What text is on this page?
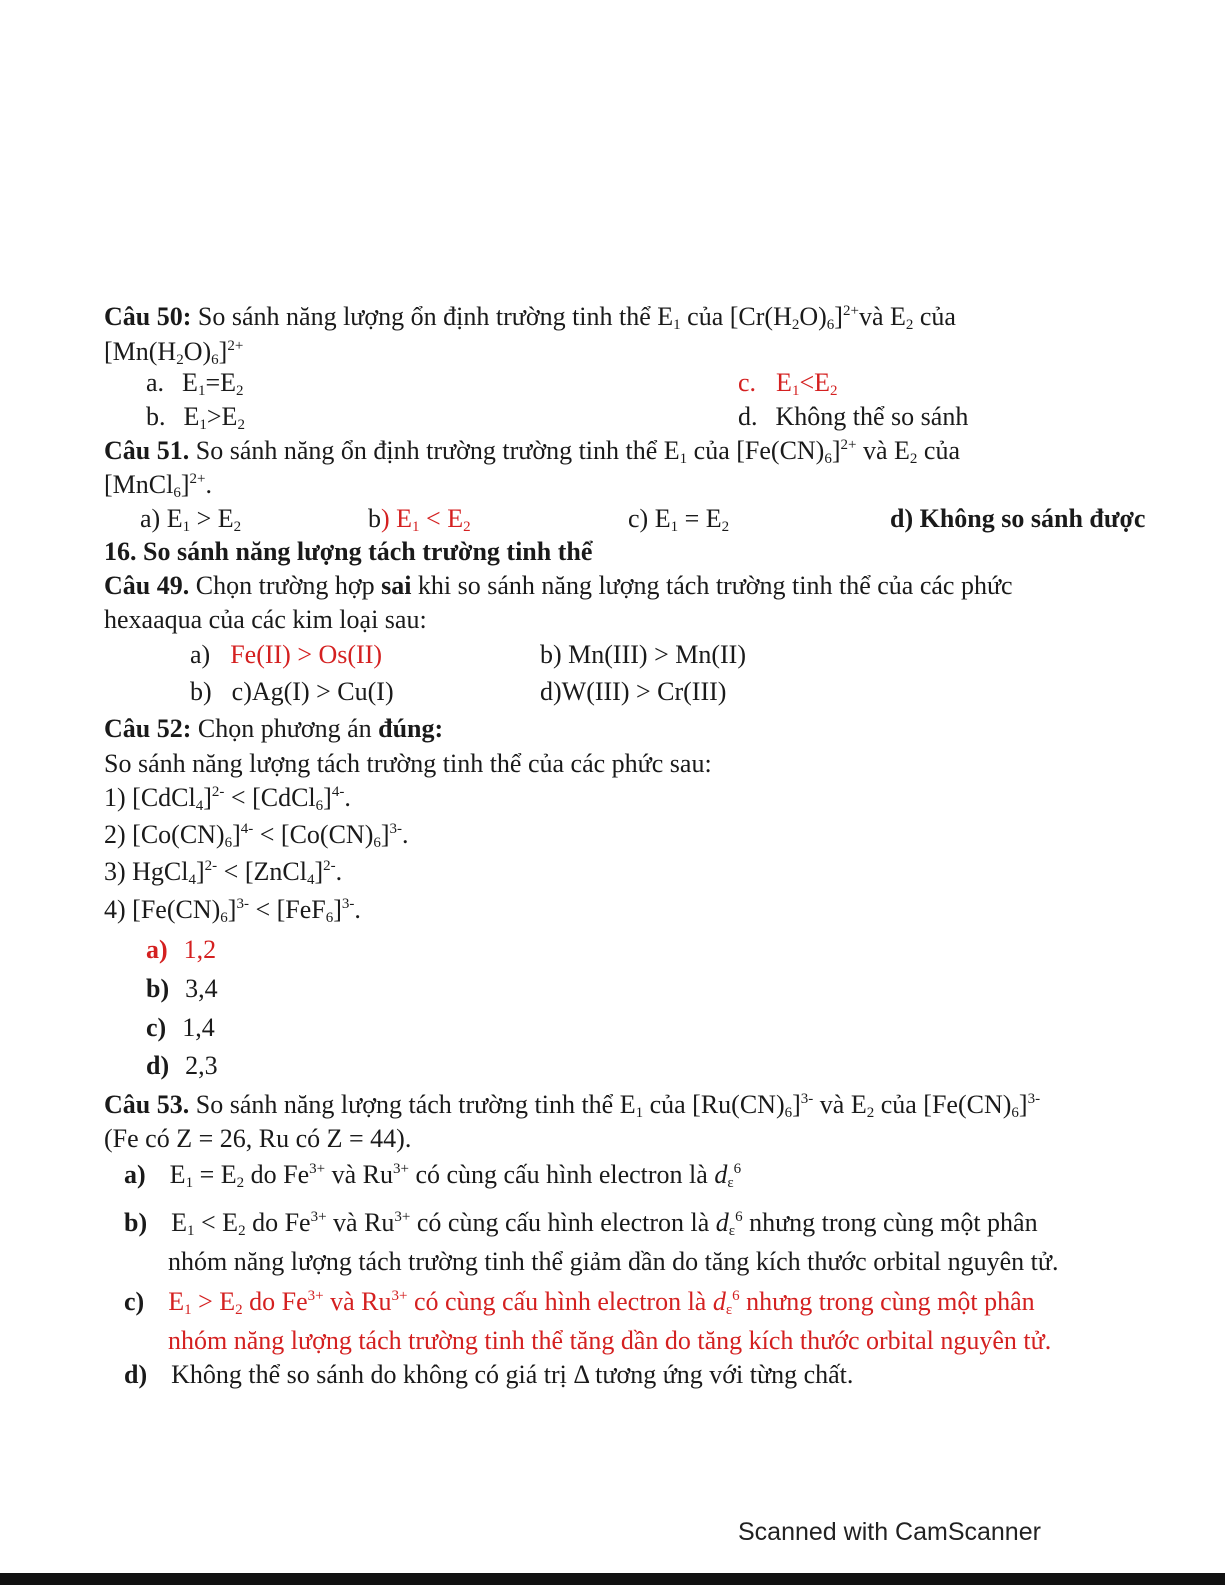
Câu 50: So sánh năng lượng ổn định trường tinh thể $E_1$ của $[Cr(H_2O)_6]^{2+}và$ $E_2$ của
$[Mn(H_2O)_6]^{2+}$
a. $E_1=E_2$	c. $E_1<E_2$
b. $E_1>E_2$	d. Không thể so sánh
Câu 51. So sánh năng ổn định trường trường tinh thể $E_1$ của $[Fe(CN)_6]^{2+}$ và $E_2$ của
[MnCl$_6$]$^{2+}$.
a) $E_1 > E_2$	b) $E_1 < E_2$	c) $E_1 = E_2$	d) Không so sánh được
16. So sánh năng lượng tách trường tinh thể
Câu 49. Chọn trường hợp sai khi so sánh năng lượng tách trường tinh thể của các phức
hexaaqua của các kim loại sau:
a) Fe(II) > Os(II)	b) Mn(III) > Mn(II)
b) c)Ag(I) > Cu(I)	d)W(III) > Cr(III)
Câu 52: Chọn phương án đúng:
So sánh năng lượng tách trường tinh thể của các phức sau:
1) [CdCl$_4$]$^{2-}$ < [CdCl$_6$]$^{4-}$.
2) $[Co(CN)_6]^{4-} < [Co(CN)_6]^{3-}$.
3) HgCl$_4$]$^{2-}$ < [ZnCl$_4$]$^{2-}$.
4) $[Fe(CN)_6]^{3-} < [FeF_6]^{3-}$.
a) 1,2
b) 3,4
c) 1,4
d) 2,3
Câu 53. So sánh năng lượng tách trường tinh thể $E_1$ của $[Ru(CN)_6]^{3-}$ và $E_2$ của $[Fe(CN)_6]^{3-}$
(Fe có Z = 26, Ru có Z = 44).
a) $E_1 = E_2$ do $Fe^{3+}$ và $Ru^{3+}$ có cùng cấu hình electron là $d_\varepsilon^6$
b) $E_1 < E_2$ do $Fe^{3+}$ và $Ru^{3+}$ có cùng cấu hình electron là $d_\varepsilon^6$ nhưng trong cùng một phân
nhóm năng lượng tách trường tinh thể giảm dần do tăng kích thước orbital nguyên tử.
c) $E_1 > E_2$ do $Fe^{3+}$ và $Ru^{3+}$ có cùng cấu hình electron là $d_\varepsilon^6$ nhưng trong cùng một phân
nhóm năng lượng tách trường tinh thể tăng dần do tăng kích thước orbital nguyên tử.
d) Không thể so sánh do không có giá trị Δ tương ứng với từng chất.
Scanned with CamScanner
